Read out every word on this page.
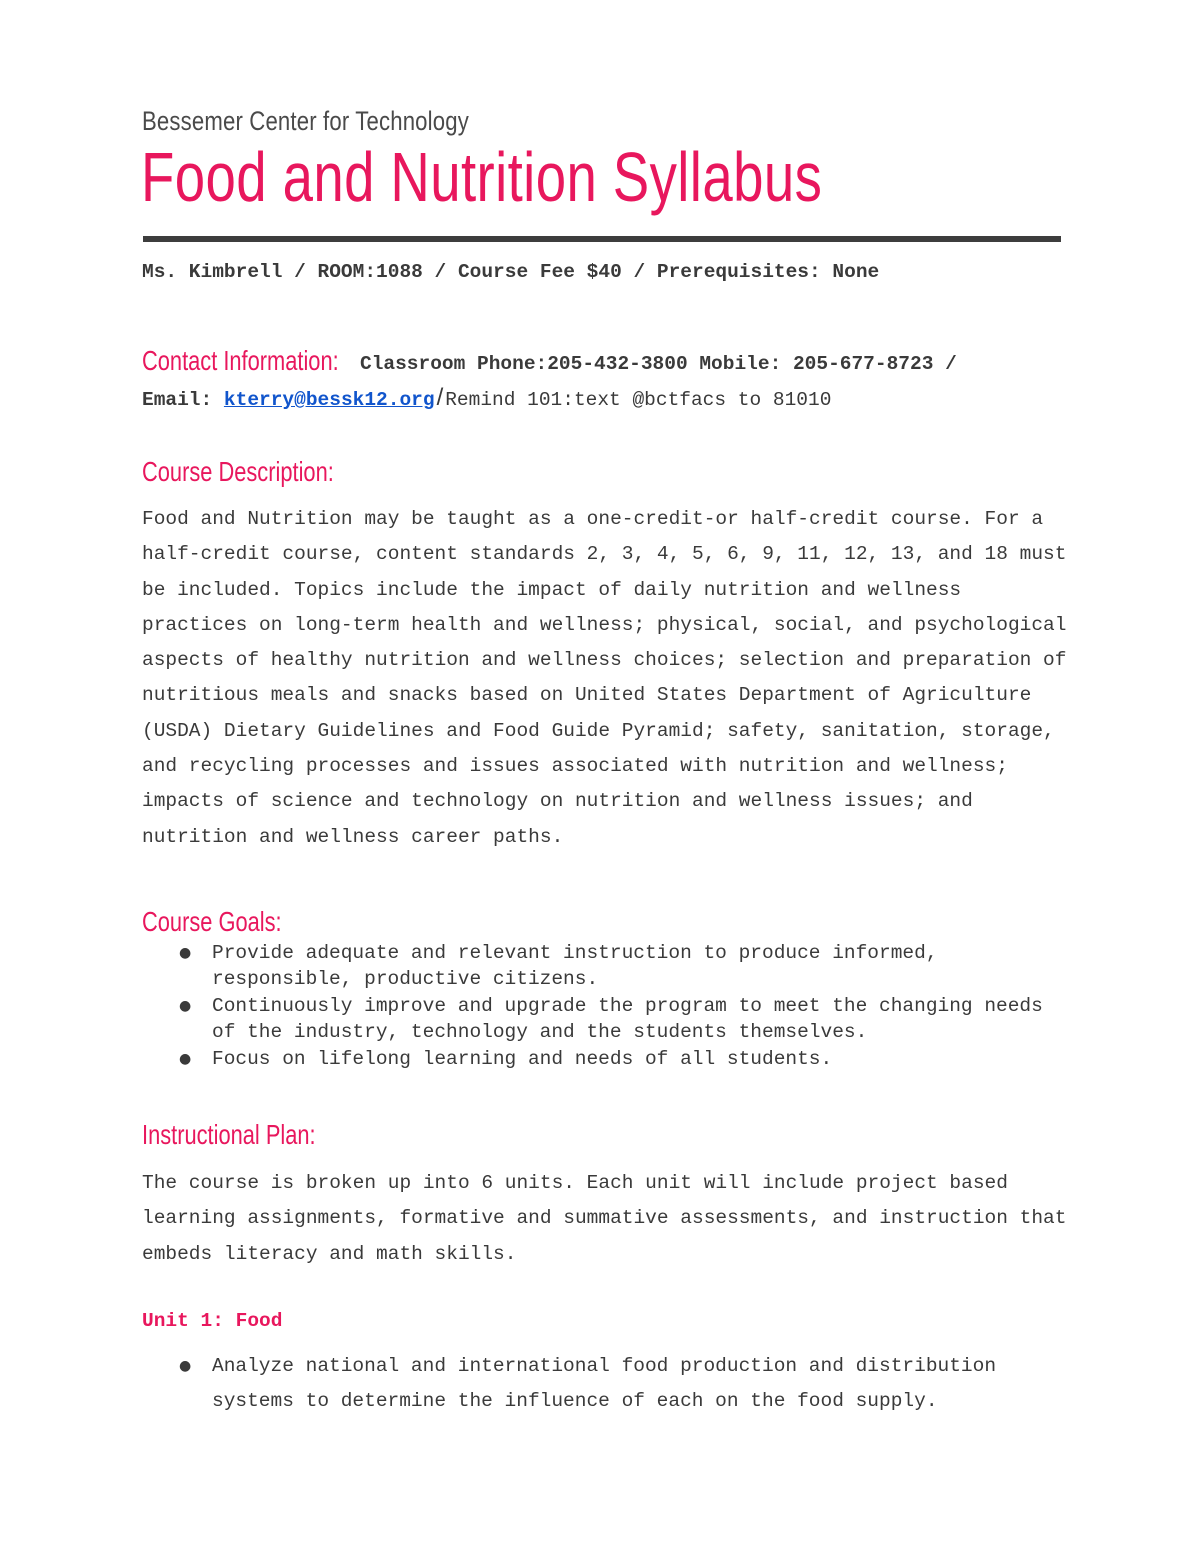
Bessemer Center for Technology
Food and Nutrition Syllabus
Ms. Kimbrell / ROOM:1088 / Course Fee $40 / Prerequisites: None
Contact Information: Classroom Phone:205-432-3800 Mobile: 205-677-8723 /
Email: kterry@bessk12.org/ Remind 101:text @bctfacs to 81010
Course Description:

Food and Nutrition may be taught as a one-credit-or half-credit course. For a half-credit course, content standards 2, 3, 4, 5, 6, 9, 11, 12, 13, and 18 must be included. Topics include the impact of daily nutrition and wellness practices on long-term health and wellness; physical, social, and psychological aspects of healthy nutrition and wellness choices; selection and preparation of nutritious meals and snacks based on United States Department of Agriculture (USDA) Dietary Guidelines and Food Guide Pyramid; safety, sanitation, storage, and recycling processes and issues associated with nutrition and wellness; impacts of science and technology on nutrition and wellness issues; and nutrition and wellness career paths.

Course Goals:
● Provide adequate and relevant instruction to produce informed, responsible, productive citizens.
● Continuously improve and upgrade the program to meet the changing needs of the industry, technology and the students themselves.
● Focus on lifelong learning and needs of all students.
Instructional Plan:

The course is broken up into 6 units. Each unit will include project based learning assignments, formative and summative assessments, and instruction that embeds literacy and math skills.

Unit 1: Food
● Analyze national and international food production and distribution systems to determine the influence of each on the food supply.
